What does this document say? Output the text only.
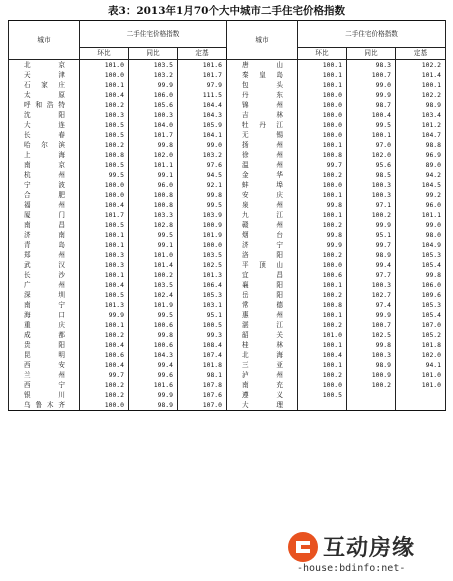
表3：2013年1月70个大中城市二手住宅价格指数
城市	二手住宅价格指数			城市	二手住宅价格指数		
	环比	同比	定基		环比	同比	定基
北　京	101.0	103.5	101.6	唐　山	100.1	98.3	102.2
天　津	100.0	103.2	101.7	秦皇岛	100.1	100.7	101.4
石家庄	100.1	99.9	97.9	包　头	100.1	99.0	100.1
太　原	100.4	106.0	111.5	丹　东	100.0	99.9	102.2
呼和浩特	100.2	105.6	104.4	锦　州	100.0	98.7	98.9
沈　阳	100.3	100.3	104.3	吉　林	100.0	100.4	103.4
大　连	100.5	104.0	105.9	牡丹江	100.0	99.5	101.2
长　春	100.5	101.7	104.1	无　锡	100.0	100.1	104.7
哈尔滨	100.2	99.8	99.0	扬　州	100.1	97.0	98.8
上　海	100.8	102.0	103.2	徐　州	100.8	102.0	96.9
南　京	100.5	101.1	97.6	温　州	99.7	95.6	89.0
杭　州	99.5	99.1	94.5	金　华	100.2	98.5	94.2
宁　波	100.0	96.0	92.1	蚌　埠	100.0	100.3	104.5
合　肥	100.0	100.8	99.8	安　庆	100.1	100.3	99.2
福　州	100.4	100.8	99.5	泉　州	99.8	97.1	96.0
厦　门	101.7	103.3	103.9	九　江	100.1	100.2	101.1
南　昌	100.5	102.8	100.9	赣　州	100.2	99.9	99.0
济　南	100.1	99.5	101.9	烟　台	99.8	95.1	98.0
青　岛	100.1	99.1	100.0	济　宁	99.9	99.7	104.9
郑　州	100.3	101.0	103.5	洛　阳	100.2	98.9	105.3
武　汉	100.3	101.4	102.5	平顶山	100.0	99.4	105.4
长　沙	100.1	100.2	101.3	宜　昌	100.6	97.7	99.8
广　州	100.4	103.5	106.4	襄　阳	100.1	100.3	106.0
深　圳	100.5	102.4	105.3	岳　阳	100.2	102.7	109.6
南　宁	101.3	101.9	103.1	常　德	100.8	97.4	105.3
海　口	99.9	99.5	95.1	惠　州	100.1	99.9	105.4
重　庆	100.1	100.6	100.5	湛　江	100.2	100.7	107.0
成　都	100.2	99.8	99.3	韶　关	101.0	102.5	105.2
贵　阳	100.4	100.6	108.4	桂　林	100.1	99.8	101.8
昆　明	100.6	104.3	107.4	北　海	100.4	100.3	102.0
西　安	100.4	99.4	101.8	三　亚	100.1	98.9	94.1
兰　州	99.7	99.6	98.1	泸　州	100.2	100.9	101.0
西　宁	100.2	101.6	107.8	南　充	100.0	100.2	101.0
银　川	100.2	99.9	107.6	遵　义	100.5		
乌鲁木齐	100.0	98.9	107.0	大　理			
互动房缘
-house:bdinfo:net-
